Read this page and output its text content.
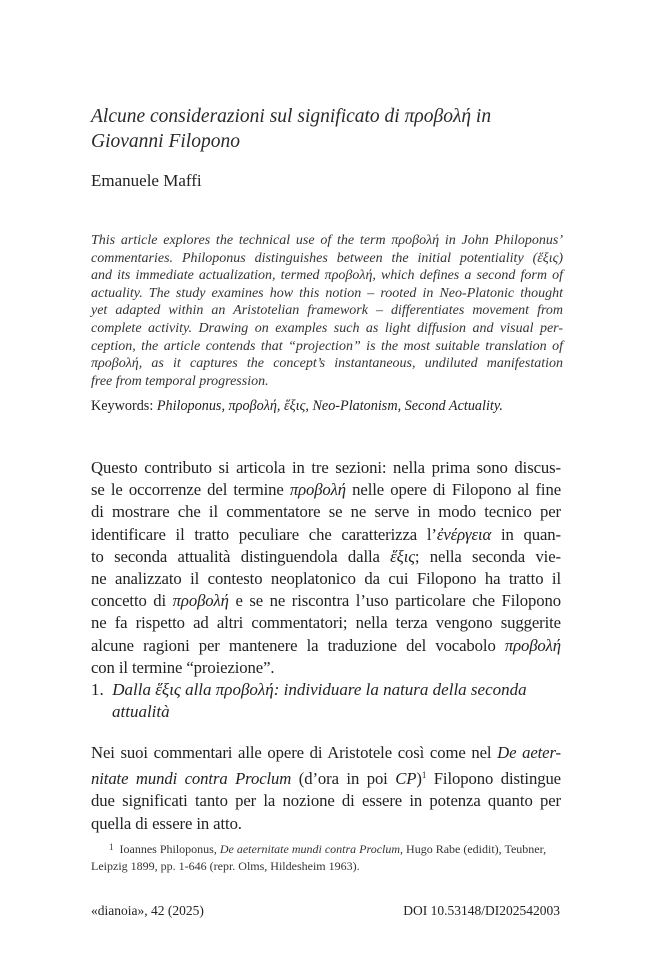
Alcune considerazioni sul significato di προβολή in
Giovanni Filopono
Emanuele Maffi
This article explores the technical use of the term προβολή in John Philoponus’
commentaries. Philoponus distinguishes between the initial potentiality (ἕξις)
and its immediate actualization, termed προβολή, which defines a second form of
actuality. The study examines how this notion – rooted in Neo-Platonic thought
yet adapted within an Aristotelian framework – differentiates movement from
complete activity. Drawing on examples such as light diffusion and visual per-
ception, the article contends that “projection” is the most suitable translation of
προβολή, as it captures the concept’s instantaneous, undiluted manifestation
free from temporal progression.
Keywords: Philoponus, προβολή, ἕξις, Neo-Platonism, Second Actuality.
Questo contributo si articola in tre sezioni: nella prima sono discus-
se le occorrenze del termine προβολή nelle opere di Filopono al fine
di mostrare che il commentatore se ne serve in modo tecnico per
identificare il tratto peculiare che caratterizza l’ἐνέργεια in quan-
to seconda attualità distinguendola dalla ἕξις; nella seconda vie-
ne analizzato il contesto neoplatonico da cui Filopono ha tratto il
concetto di προβολή e se ne riscontra l’uso particolare che Filopono
ne fa rispetto ad altri commentatori; nella terza vengono suggerite
alcune ragioni per mantenere la traduzione del vocabolo προβολή
con il termine “proiezione”.
1. Dalla ἕξις alla προβολή: individuare la natura della seconda
attualità
Nei suoi commentari alle opere di Aristotele così come nel De aeter-
nitate mundi contra Proclum (d’ora in poi CP)$^1$ Filopono distingue
due significati tanto per la nozione di essere in potenza quanto per
quella di essere in atto.
$^1$ Ioannes Philoponus, De aeternitate mundi contra Proclum, Hugo Rabe (edidit), Teubner,
Leipzig 1899, pp. 1-646 (repr. Olms, Hildesheim 1963).
«dianoia», 42 (2025)	DOI 10.53148/DI202542003
